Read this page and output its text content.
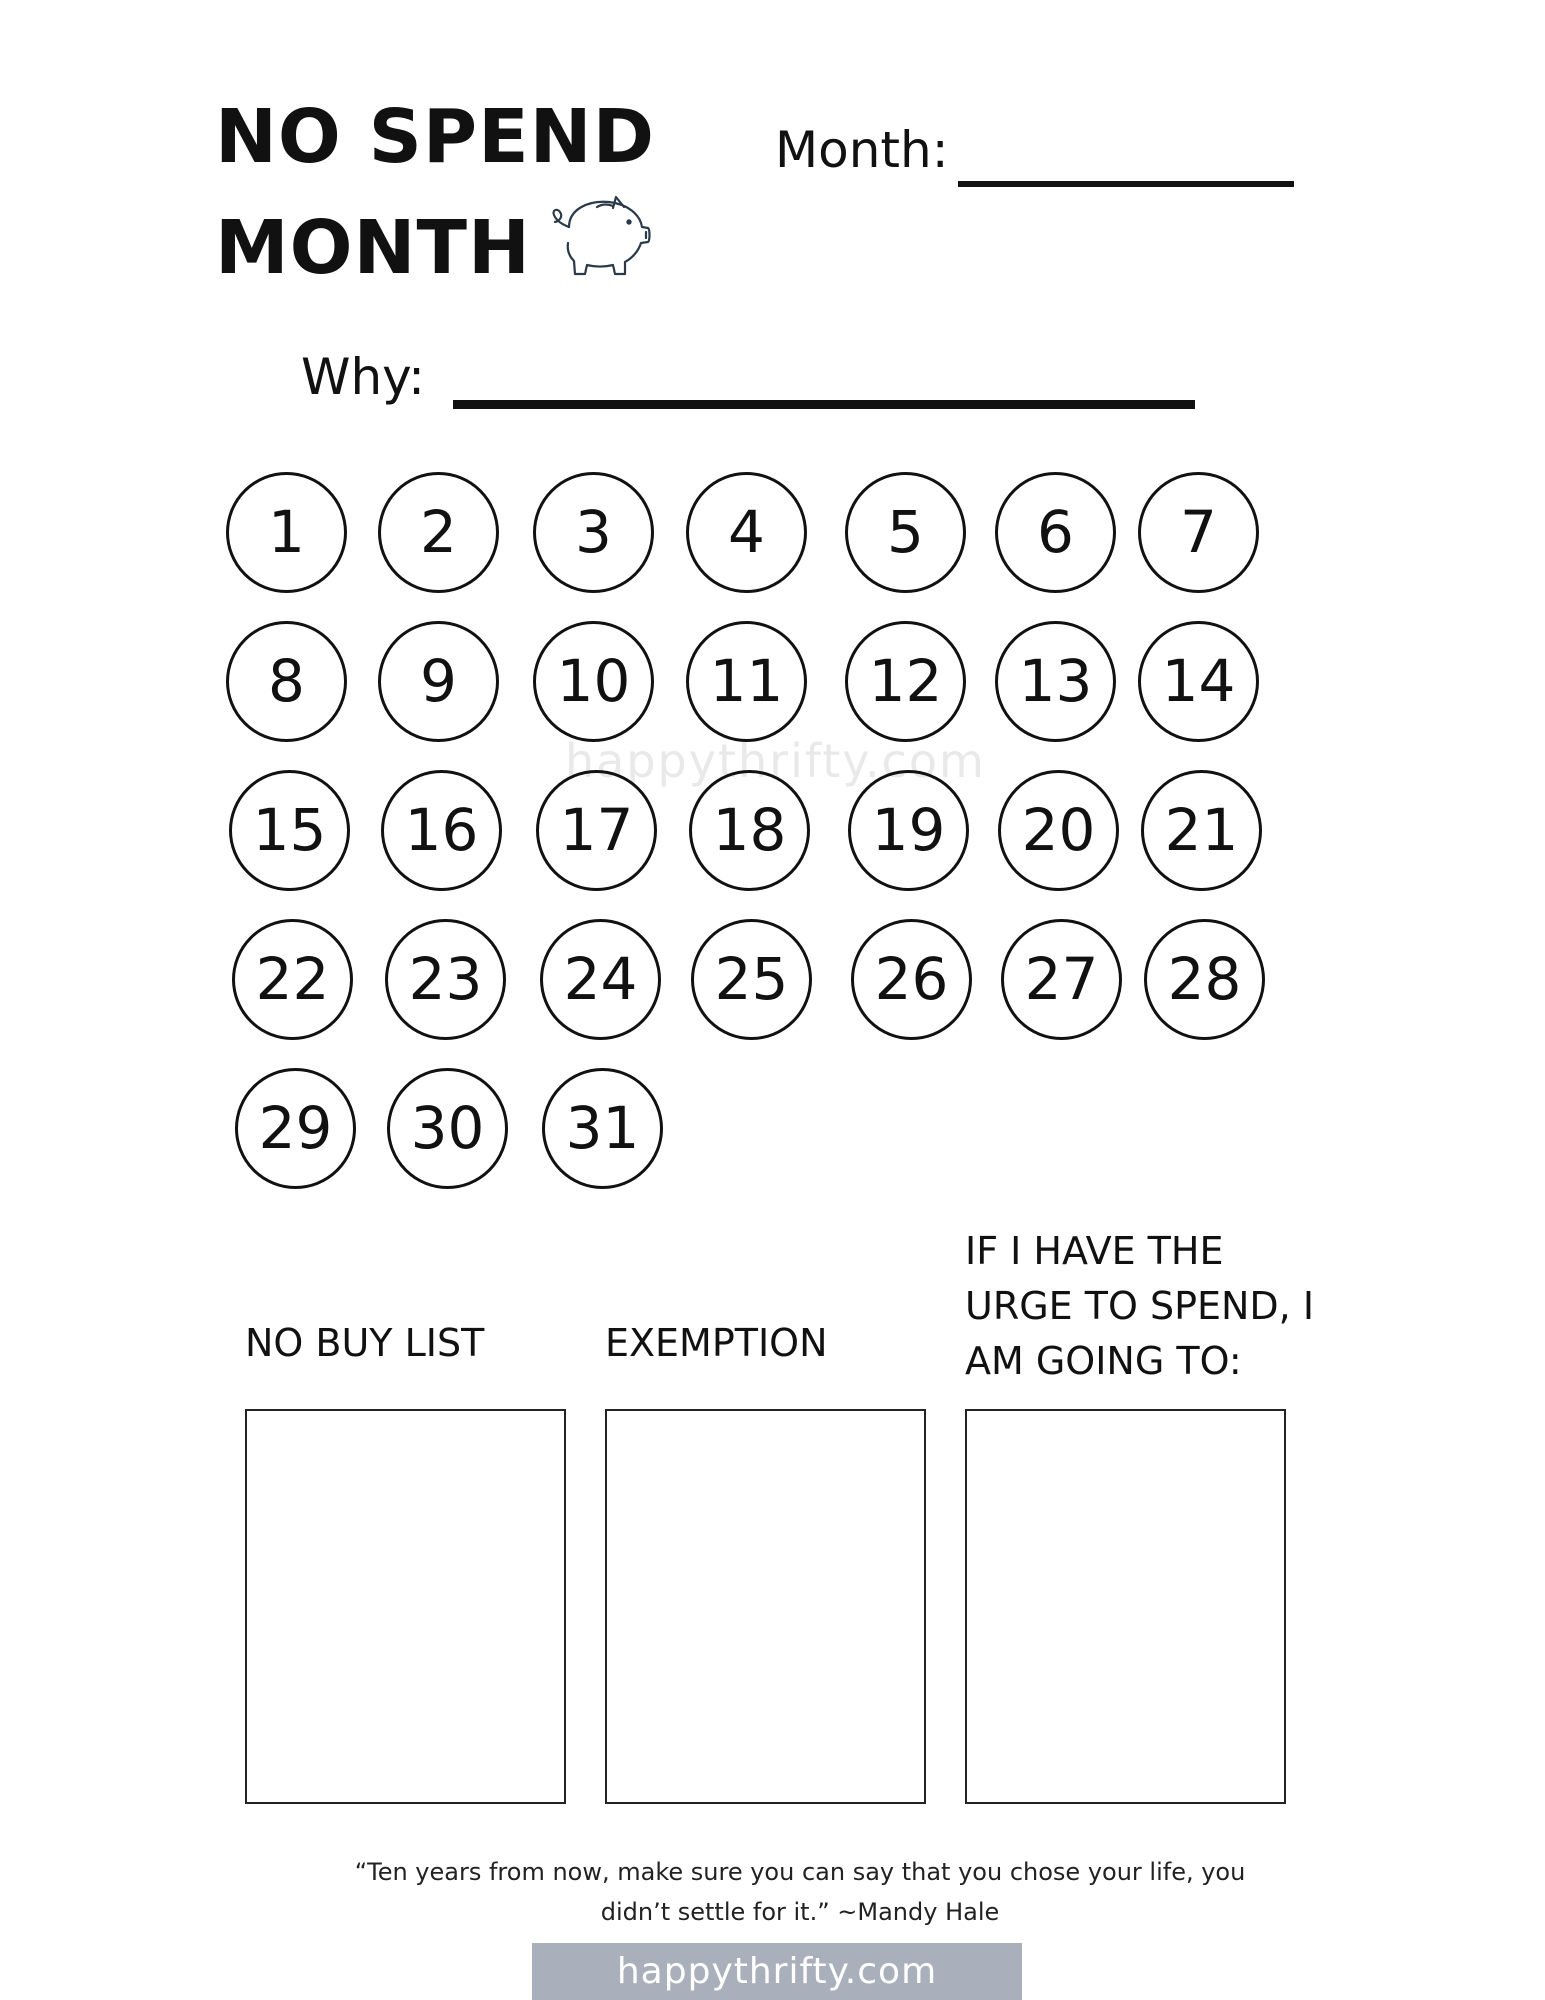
NO SPEND
MONTH
Month:
Why:
happythrifty.com
1	2	3	4	5	6	7
8	9	10	11	12	13	14
15	16	17	18	19	20	21
22	23	24	25	26	27	28
29	30	31
NO BUY LIST	EXEMPTION
IF I HAVE THE URGE TO SPEND, I AM GOING TO:
“Ten years from now, make sure you can say that you chose your life, you didn’t settle for it.” ~Mandy Hale
happythrifty.com
